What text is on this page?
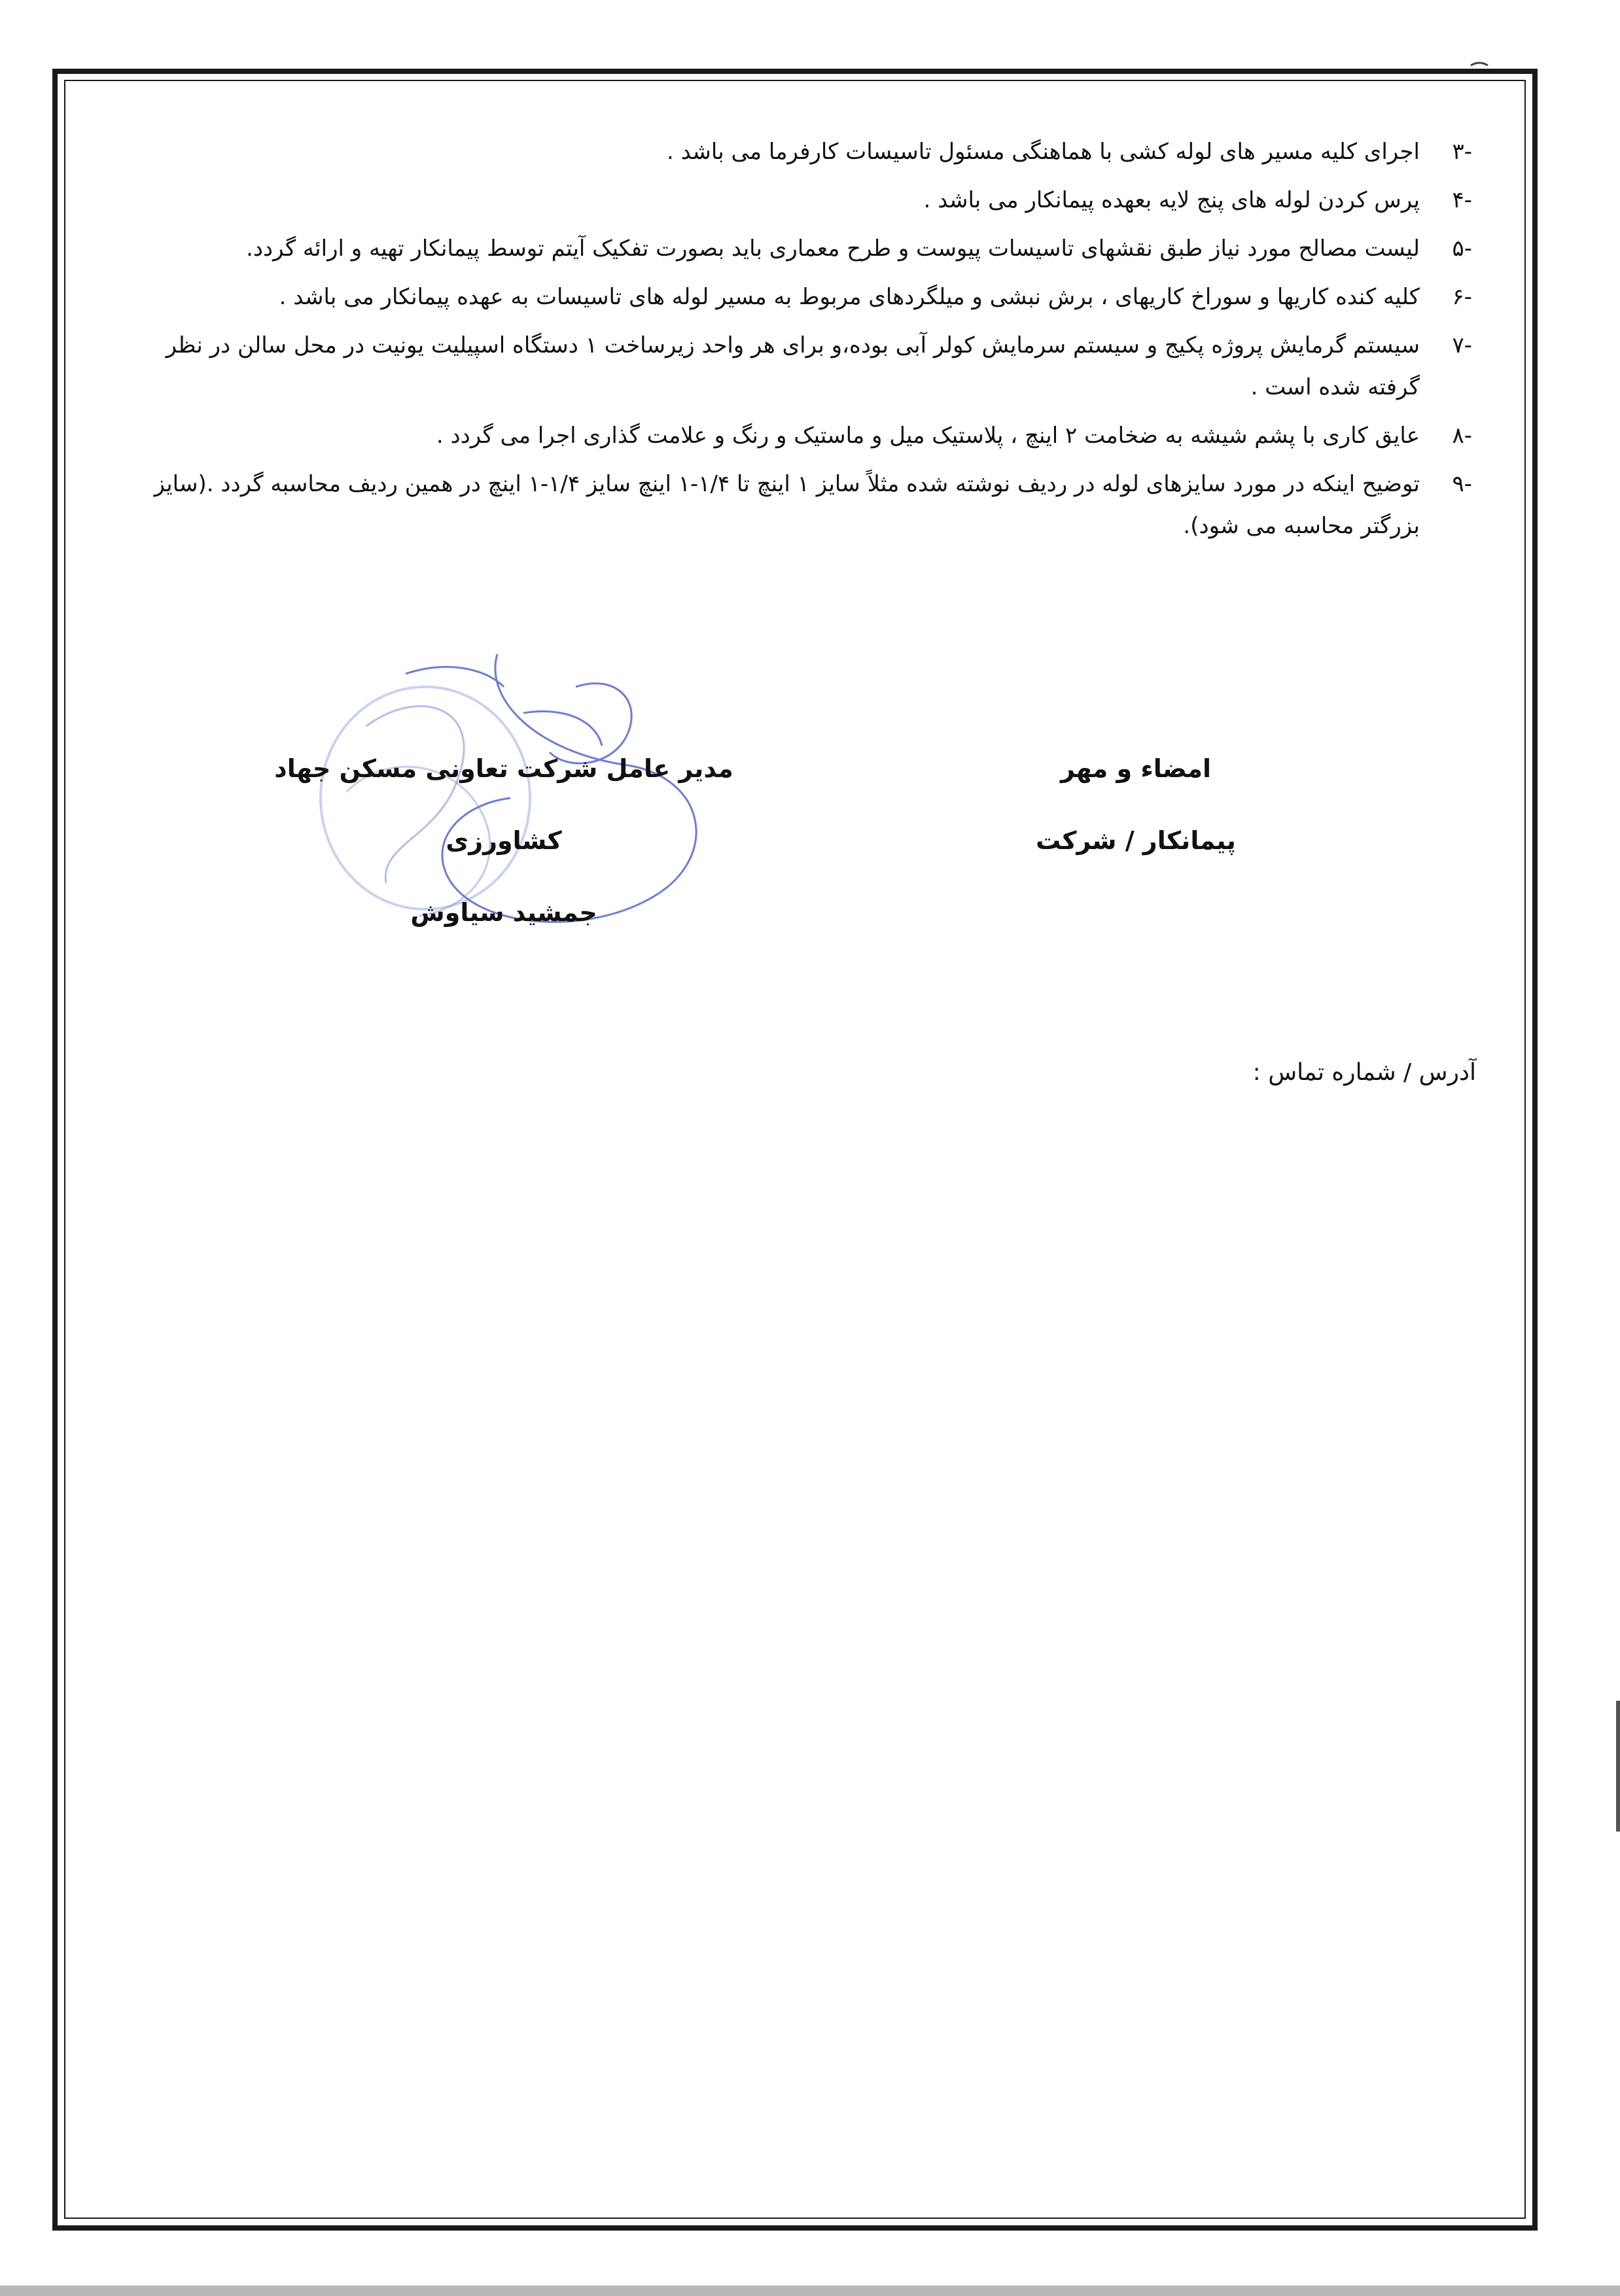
-۳
اجرای کلیه مسیر های لوله کشی با هماهنگی مسئول تاسیسات کارفرما می باشد .
-۴
پرس کردن لوله های پنج لایه بعهده پیمانکار می باشد .
-۵
لیست مصالح مورد نیاز طبق نقشهای تاسیسات پیوست و طرح معماری باید بصورت تفکیک آیتم توسط پیمانکار تهیه و ارائه گردد.
-۶
کلیه کنده کاریها و سوراخ کاریهای ، برش نبشی و میلگردهای مربوط به مسیر لوله های تاسیسات به عهده پیمانکار می باشد .
-۷
سیستم گرمایش پروژه پکیج و سیستم سرمایش کولر آبی بوده،و برای هر واحد زیرساخت ۱ دستگاه اسپیلیت یونیت در محل سالن در نظر گرفته شده است .
-۸
عایق کاری با پشم شیشه به ضخامت ۲ اینچ ، پلاستیک میل و ماستیک و رنگ و علامت گذاری اجرا می گردد .
-۹
توضیح اینکه در مورد سایزهای لوله در ردیف نوشته شده مثلاً سایز ۱ اینچ تا ۱/۴-۱ اینچ سایز ۱/۴-۱ اینچ در همین ردیف محاسبه گردد .(سایز بزرگتر محاسبه می شود).
امضاء و مهر
پیمانکار / شرکت
مدیر عامل شرکت تعاونی مسکن جهاد کشاورزی
جمشید سیاوش
آدرس / شماره تماس :
